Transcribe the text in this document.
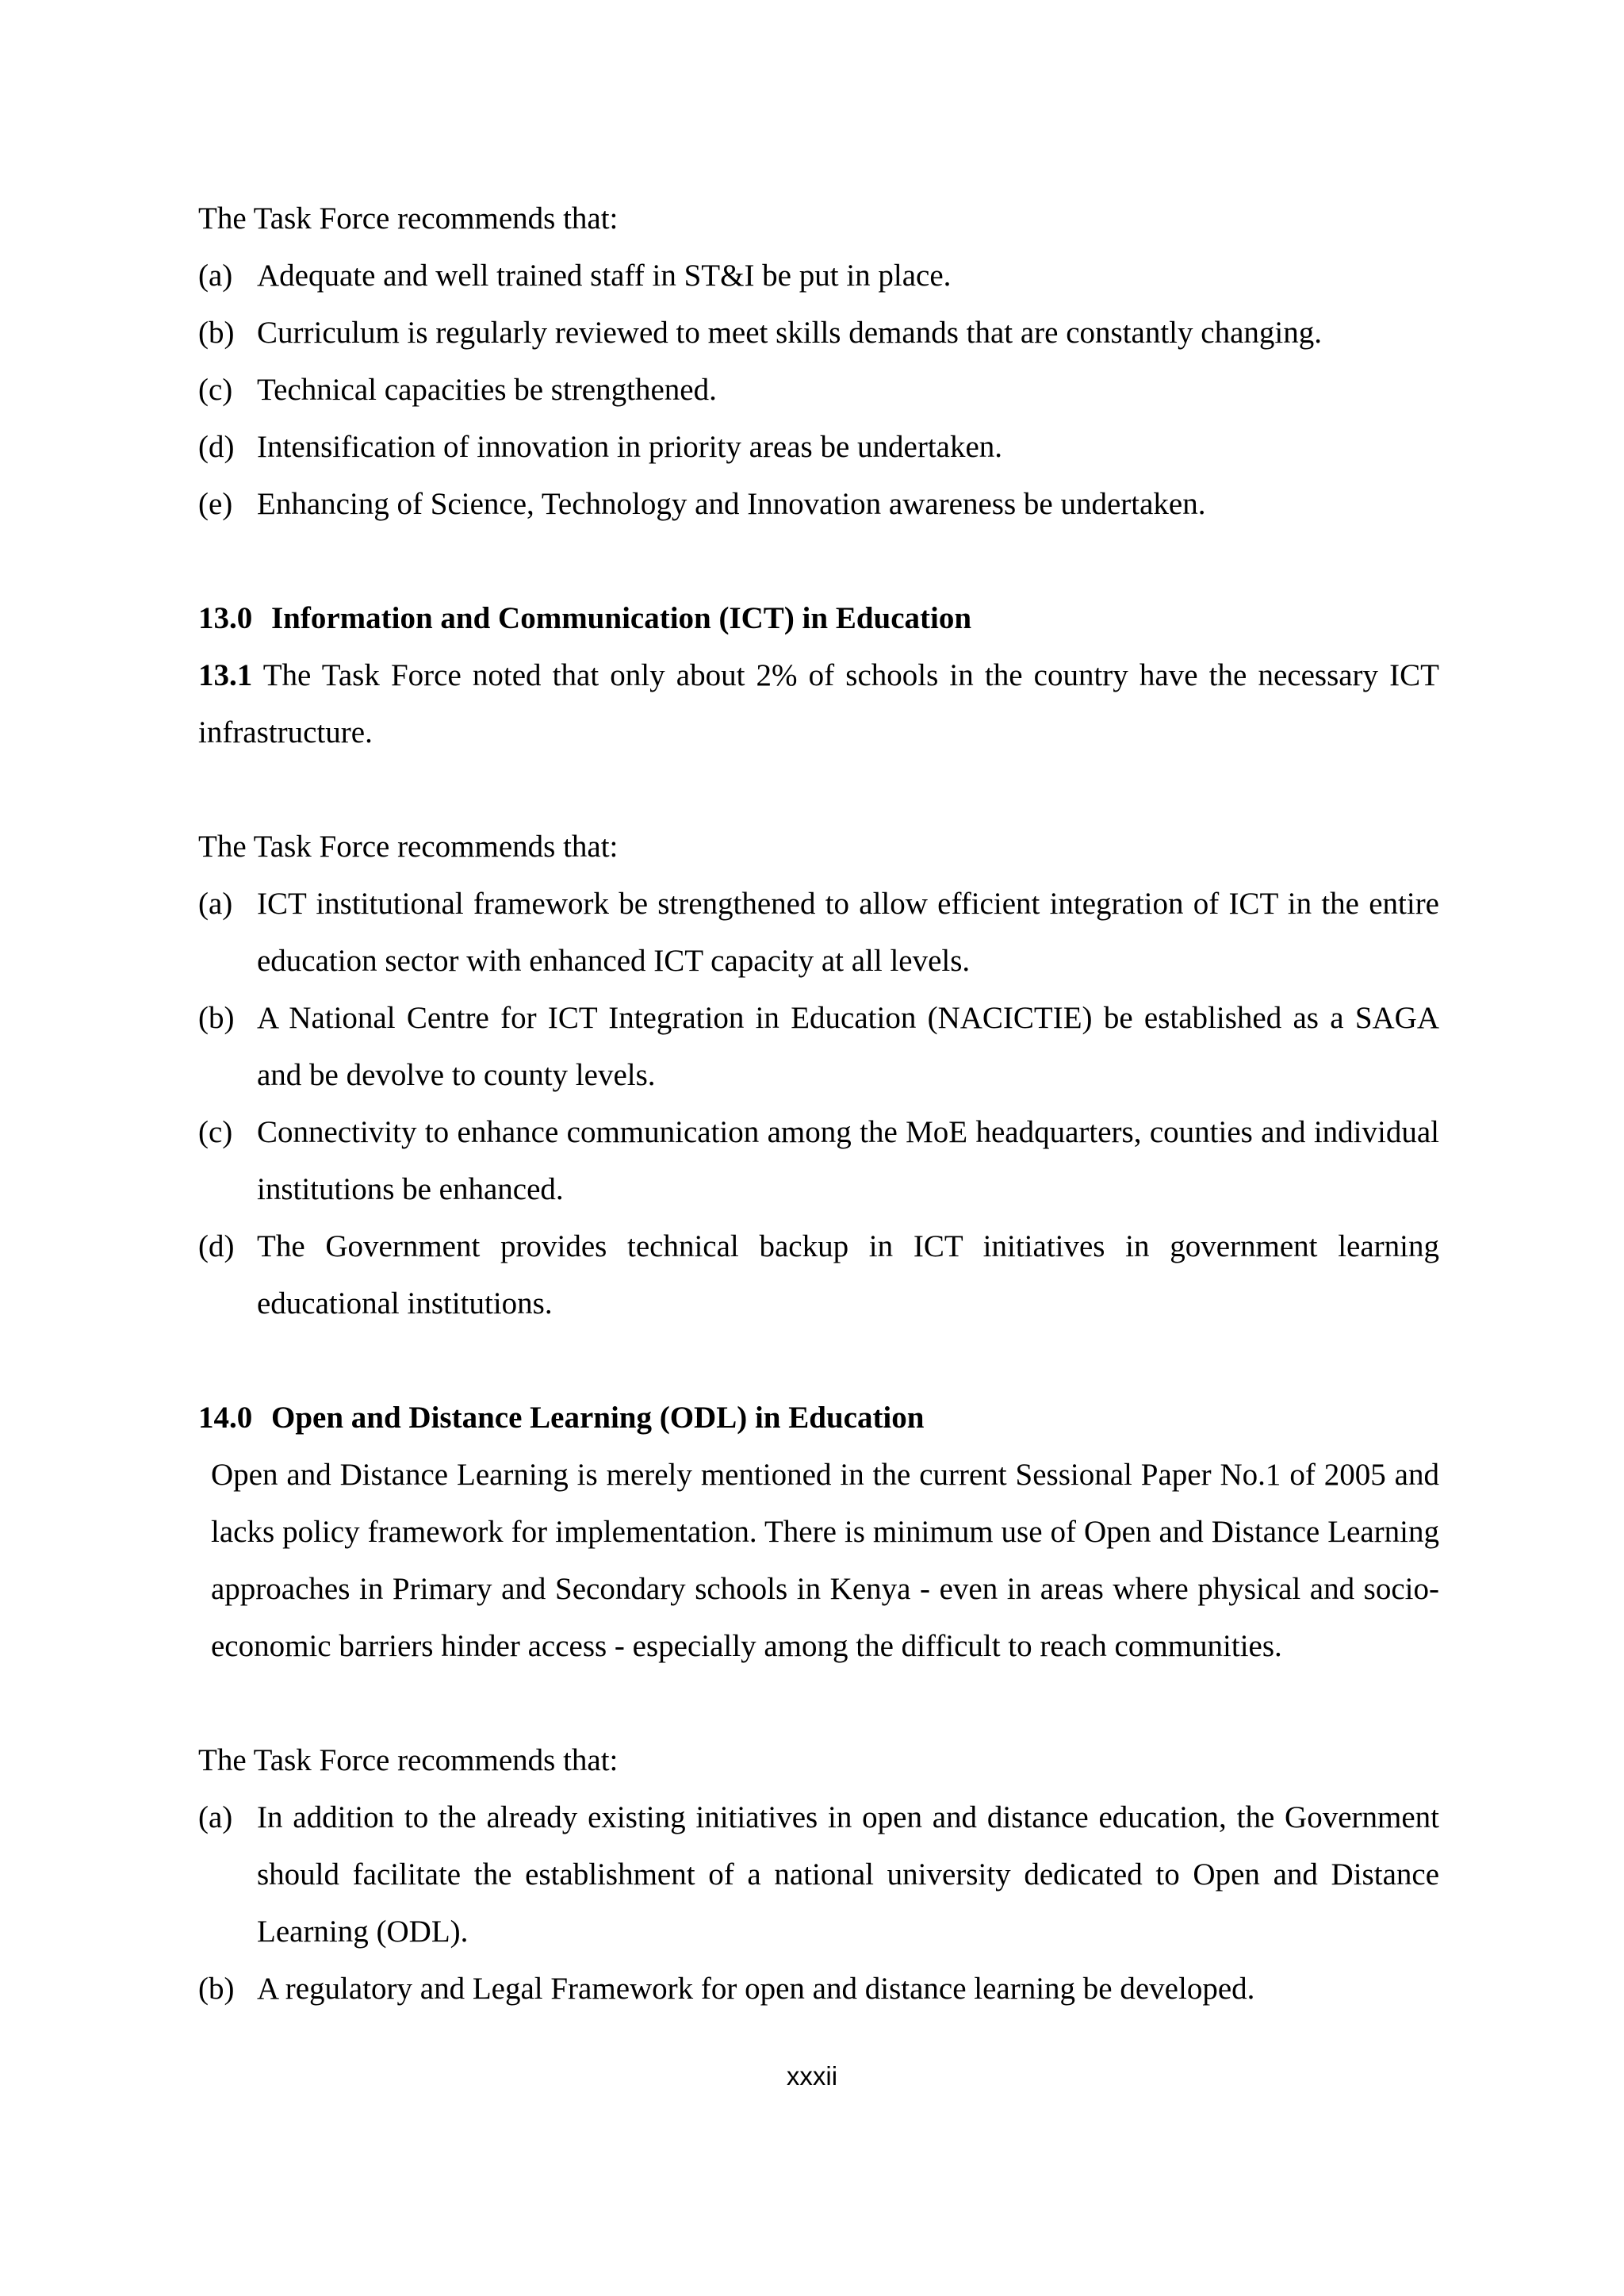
The Task Force recommends that:

(a) Adequate and well trained staff in ST&I be put in place.
(b) Curriculum is regularly reviewed to meet skills demands that are constantly changing.
(c) Technical capacities be strengthened.
(d) Intensification of innovation in priority areas be undertaken.
(e) Enhancing of Science, Technology and Innovation awareness be undertaken.

13.0 Information and Communication (ICT) in Education

13.1 The Task Force noted that only about 2% of schools in the country have the necessary ICT infrastructure.

The Task Force recommends that:

(a) ICT institutional framework be strengthened to allow efficient integration of ICT in the entire education sector with enhanced ICT capacity at all levels.
(b) A National Centre for ICT Integration in Education (NACICTIE) be established as a SAGA and be devolve to county levels.
(c) Connectivity to enhance communication among the MoE headquarters, counties and individual institutions be enhanced.
(d) The Government provides technical backup in ICT initiatives in government learning educational institutions.

14.0 Open and Distance Learning (ODL) in Education

Open and Distance Learning is merely mentioned in the current Sessional Paper No.1 of 2005 and lacks policy framework for implementation. There is minimum use of Open and Distance Learning approaches in Primary and Secondary schools in Kenya - even in areas where physical and socio-economic barriers hinder access - especially among the difficult to reach communities.

The Task Force recommends that:

(a) In addition to the already existing initiatives in open and distance education, the Government should facilitate the establishment of a national university dedicated to Open and Distance Learning (ODL).
(b) A regulatory and Legal Framework for open and distance learning be developed.
xxxii
